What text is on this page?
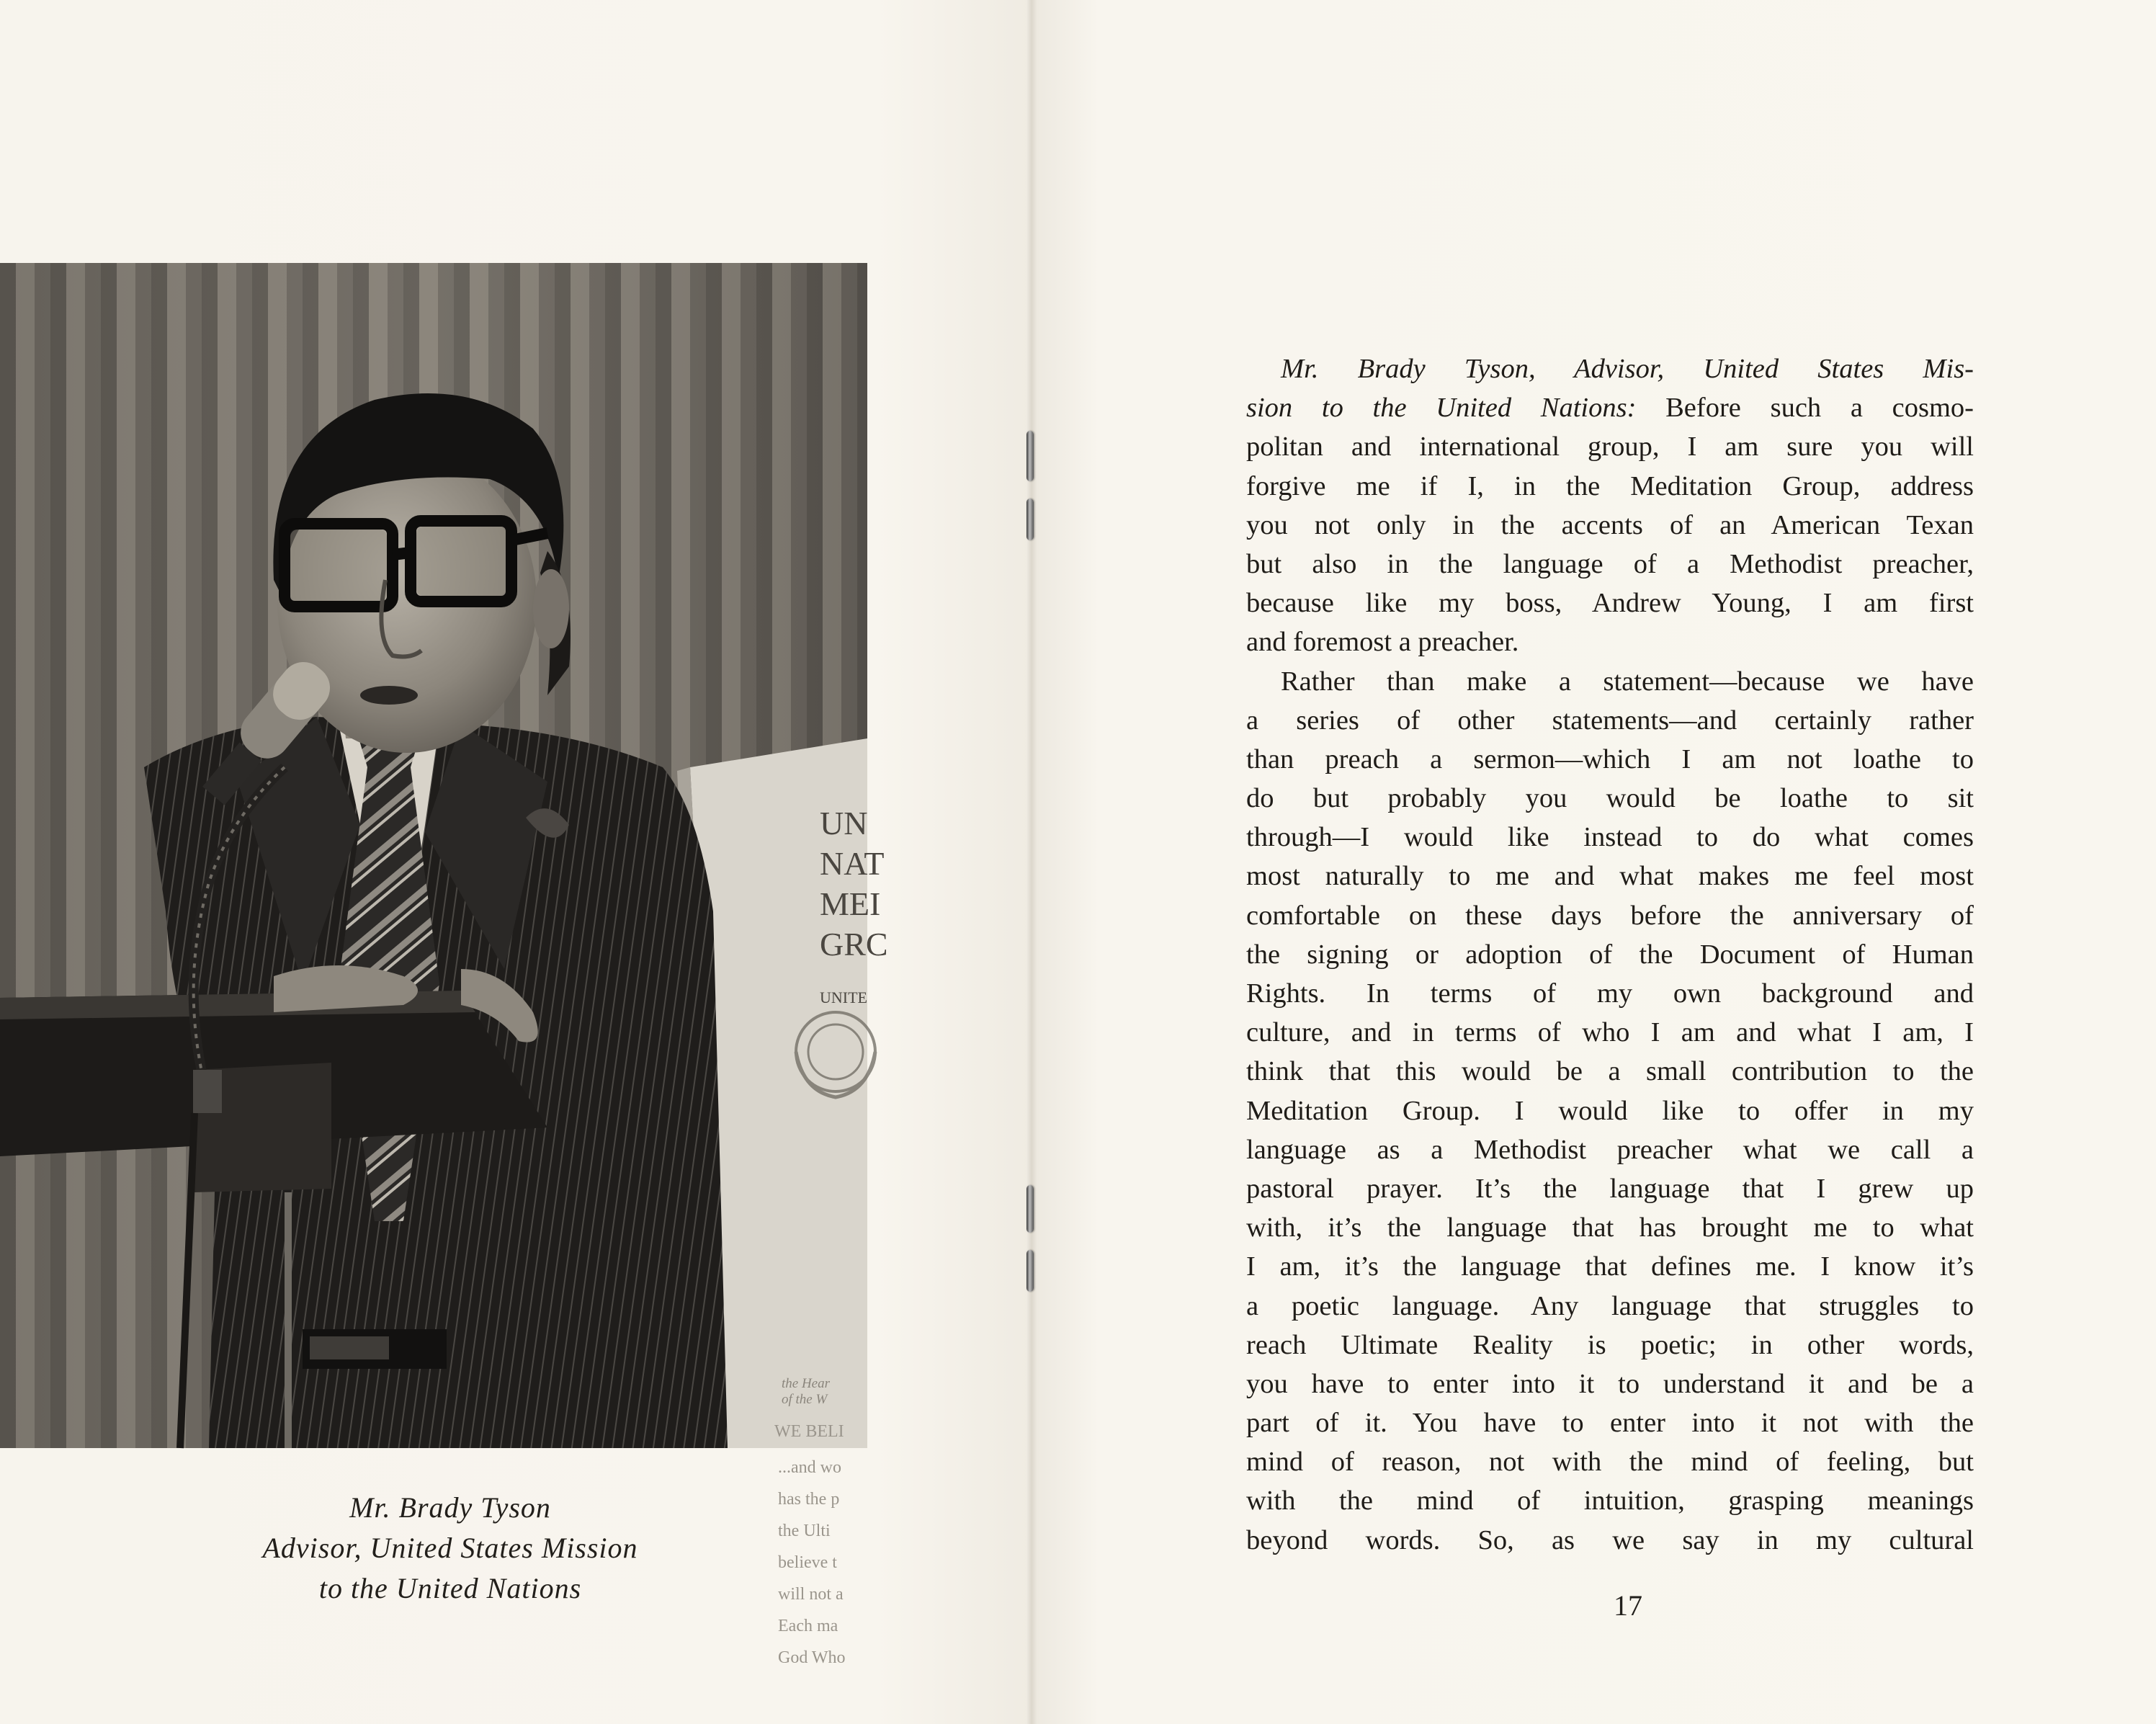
...and wo
has the p
the Ulti
believe t
will not a
Each ma
God Who
UN
NAT
MEI
GRC
UNITE
the Hear
of the W
WE BELI
Mr. Brady Tyson
Advisor, United States Mission
to the United Nations
Mr. Brady Tyson, Advisor, United States Mis-
sion to the United Nations: Before such a cosmo-
politan and international group, I am sure you will
forgive me if I, in the Meditation Group, address
you not only in the accents of an American Texan
but also in the language of a Methodist preacher,
because like my boss, Andrew Young, I am first
and foremost a preacher.
Rather than make a statement—because we have
a series of other statements—and certainly rather
than preach a sermon—which I am not loathe to
do but probably you would be loathe to sit
through—I would like instead to do what comes
most naturally to me and what makes me feel most
comfortable on these days before the anniversary of
the signing or adoption of the Document of Human
Rights. In terms of my own background and
culture, and in terms of who I am and what I am, I
think that this would be a small contribution to the
Meditation Group. I would like to offer in my
language as a Methodist preacher what we call a
pastoral prayer. It’s the language that I grew up
with, it’s the language that has brought me to what
I am, it’s the language that defines me. I know it’s
a poetic language. Any language that struggles to
reach Ultimate Reality is poetic; in other words,
you have to enter into it to understand it and be a
part of it. You have to enter into it not with the
mind of reason, not with the mind of feeling, but
with the mind of intuition, grasping meanings
beyond words. So, as we say in my cultural
17
